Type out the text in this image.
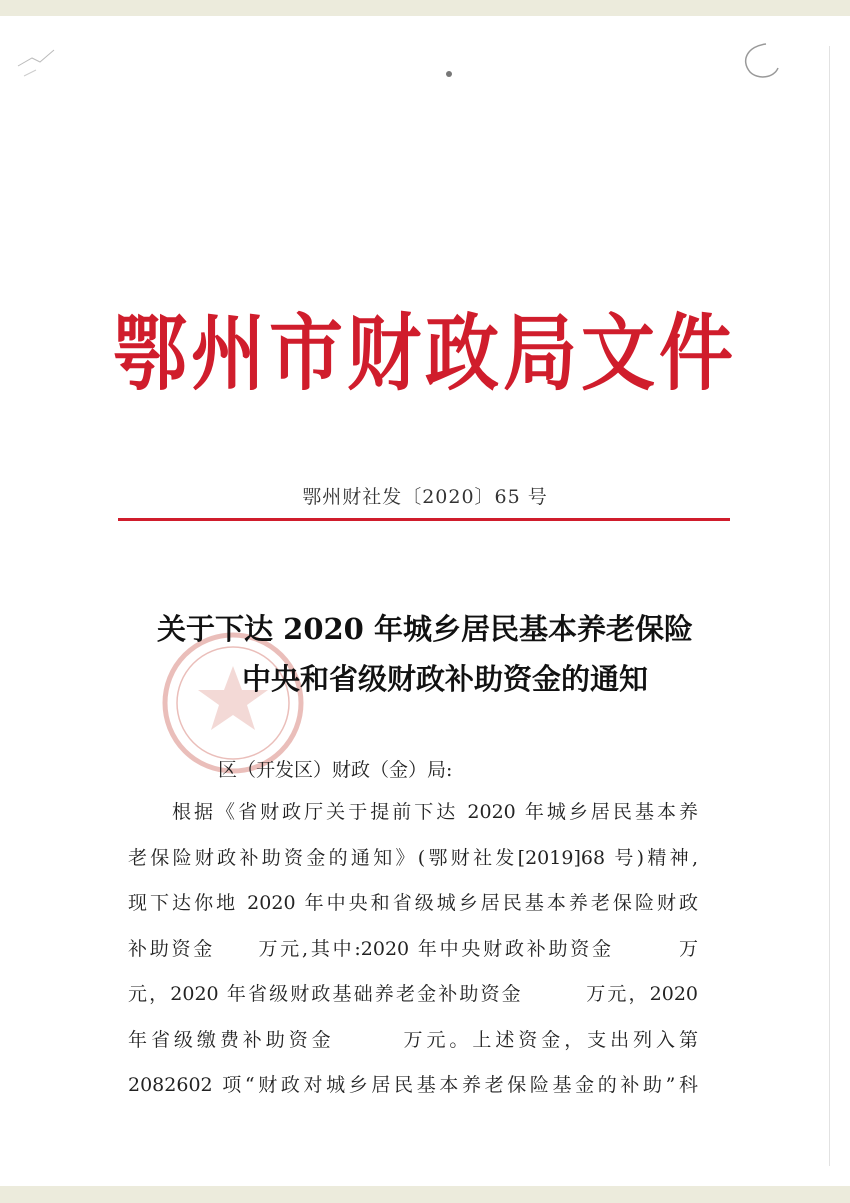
鄂州市财政局文件
鄂州财社发〔2020〕65 号
关于下达 2020 年城乡居民基本养老保险
中央和省级财政补助资金的通知
区（开发区）财政（金）局:
根据《省财政厅关于提前下达 2020 年城乡居民基本养
老保险财政补助资金的通知》(鄂财社发[2019]68 号)精神,
现下达你地 2020 年中央和省级城乡居民基本养老保险财政
补助资金　　万元,其中:2020 年中央财政补助资金　　　万
元，2020 年省级财政基础养老金补助资金　　　万元，2020
年省级缴费补助资金　　　万元。上述资金，支出列入第
2082602 项“财政对城乡居民基本养老保险基金的补助”科
